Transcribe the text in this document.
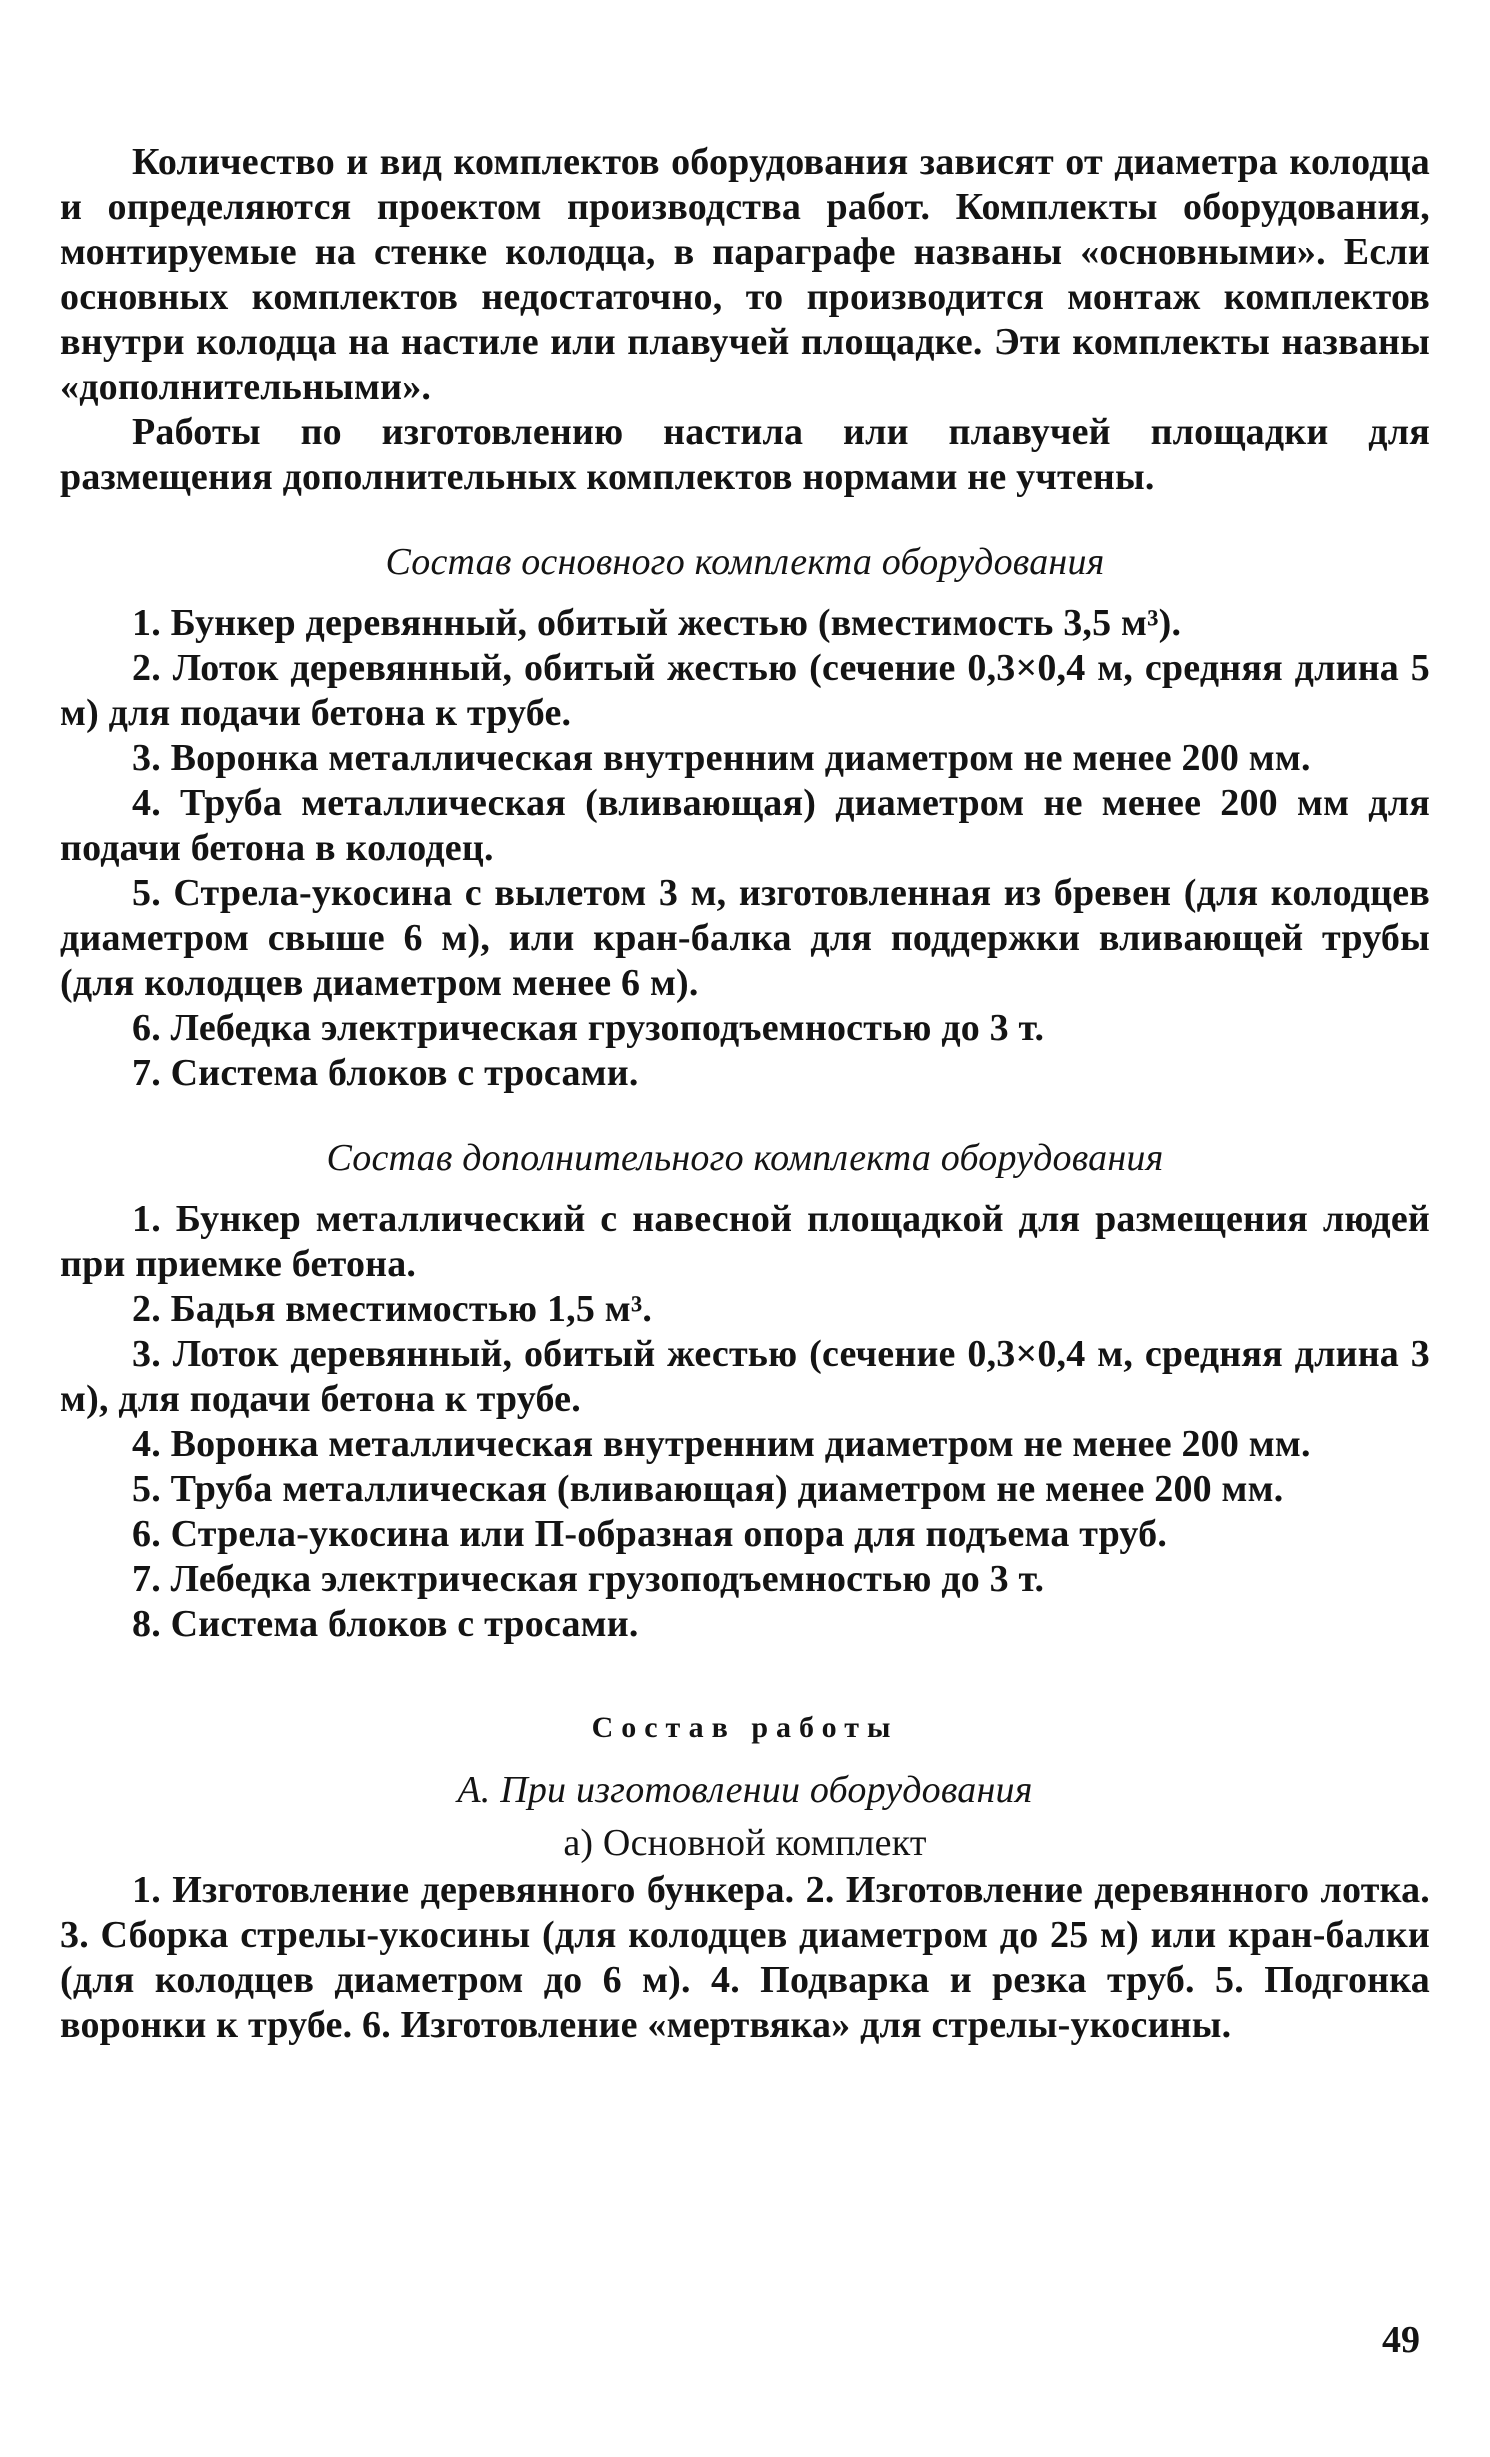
Количество и вид комплектов оборудования зависят от диаметра колодца и определяются проектом производства работ. Комплекты оборудования, монтируемые на стенке колодца, в параграфе названы «основными». Если основных комплектов недостаточно, то производится монтаж комплектов внутри колодца на настиле или плавучей площадке. Эти комплекты названы «дополнительными».

Работы по изготовлению настила или плавучей площадки для размещения дополнительных комплектов нормами не учтены.

Состав основного комплекта оборудования

1. Бункер деревянный, обитый жестью (вместимость 3,5 м³).

2. Лоток деревянный, обитый жестью (сечение 0,3×0,4 м, средняя длина 5 м) для подачи бетона к трубе.

3. Воронка металлическая внутренним диаметром не менее 200 мм.

4. Труба металлическая (вливающая) диаметром не менее 200 мм для подачи бетона в колодец.

5. Стрела-укосина с вылетом 3 м, изготовленная из бревен (для колодцев диаметром свыше 6 м), или кран-балка для поддержки вливающей трубы (для колодцев диаметром менее 6 м).

6. Лебедка электрическая грузоподъемностью до 3 т.

7. Система блоков с тросами.

Состав дополнительного комплекта оборудования

1. Бункер металлический с навесной площадкой для размещения людей при приемке бетона.

2. Бадья вместимостью 1,5 м³.

3. Лоток деревянный, обитый жестью (сечение 0,3×0,4 м, средняя длина 3 м), для подачи бетона к трубе.

4. Воронка металлическая внутренним диаметром не менее 200 мм.

5. Труба металлическая (вливающая) диаметром не менее 200 мм.

6. Стрела-укосина или П-образная опора для подъема труб.

7. Лебедка электрическая грузоподъемностью до 3 т.

8. Система блоков с тросами.

Состав работы

А. При изготовлении оборудования

а) Основной комплект

1. Изготовление деревянного бункера. 2. Изготовление деревянного лотка. 3. Сборка стрелы-укосины (для колодцев диаметром до 25 м) или кран-балки (для колодцев диаметром до 6 м). 4. Подварка и резка труб. 5. Подгонка воронки к трубе. 6. Изготовление «мертвяка» для стрелы-укосины.

49
